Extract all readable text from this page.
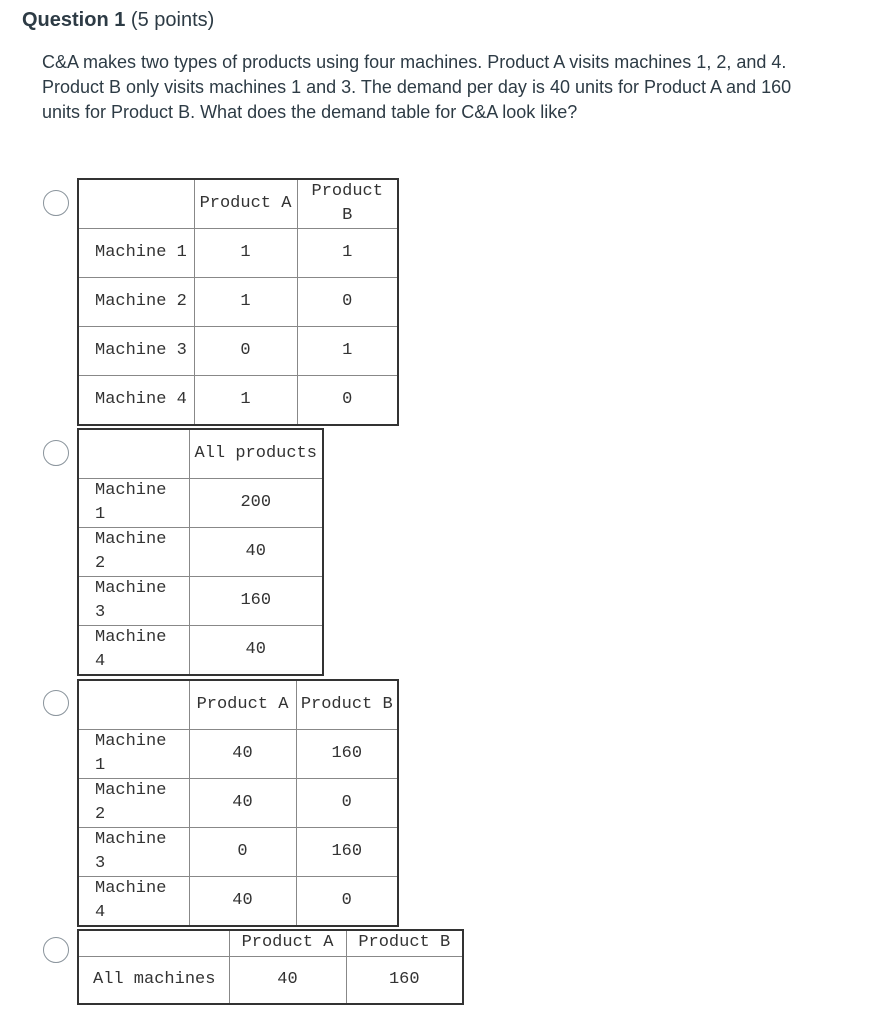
Question 1 (5 points)
C&A makes two types of products using four machines. Product A visits machines 1, 2, and 4. Product B only visits machines 1 and 3. The demand per day is 40 units for Product A and 160 units for Product B. What does the demand table for C&A look like?
	Product A	Product B
Machine 1	1	1
Machine 2	1	0
Machine 3	0	1
Machine 4	1	0
	All products
Machine 1	200
Machine 2	40
Machine 3	160
Machine 4	40
	Product A	Product B
Machine 1	40	160
Machine 2	40	0
Machine 3	0	160
Machine 4	40	0
	Product A	Product B
All machines	40	160
